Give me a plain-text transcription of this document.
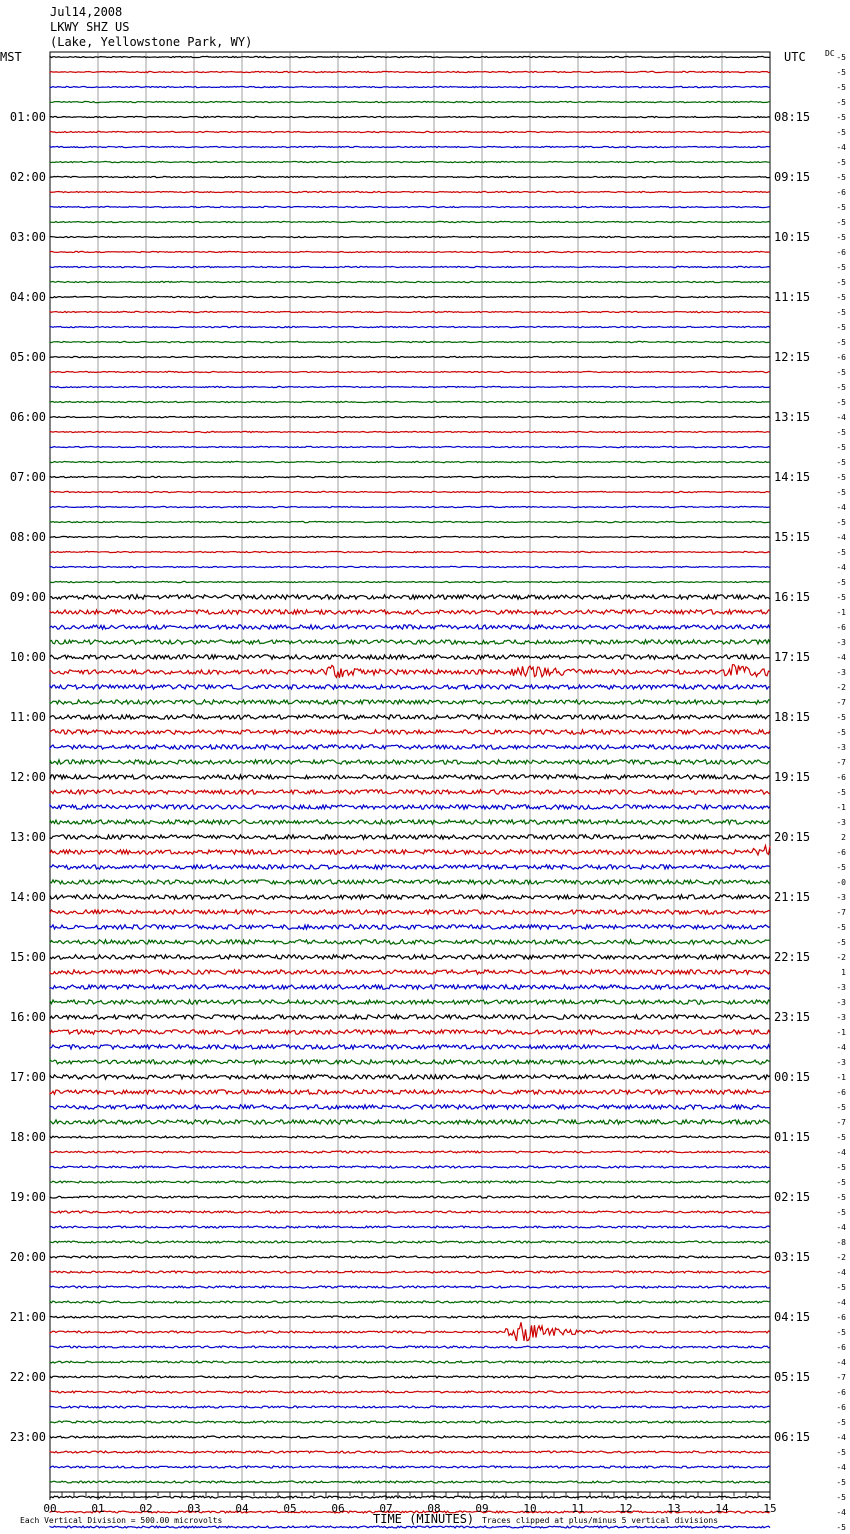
Jul14,2008
LKWY SHZ US
(Lake, Yellowstone Park, WY)
MST	UTC DC
01:00
02:00
03:00
04:00
05:00
06:00
07:00
08:00
09:00
10:00
11:00
12:00
13:00
14:00
15:00
16:00
17:00
18:00
19:00
20:00
21:00
22:00
23:00
08:15
09:15
10:15
11:15
12:15
13:15
14:15
15:15
16:15
17:15
18:15
19:15
20:15
21:15
22:15
23:15
00:15
01:15
02:15
03:15
04:15
05:15
06:15
-5
-5
-5
-5
-5
-5
-4
-5
-5
-6
-5
-5
-5
-6
-5
-5
-5
-5
-5
-5
-6
-5
-5
-5
-4
-5
-5
-5
-5
-5
-4
-5
-4
-5
-4
-5
-5
-1
-6
-3
-4
-3
-2
-7
-5
-5
-3
-7
-6
-5
-1
-3
2
-6
-5
-0
-3
-7
-5
-5
-2
1
-3
-3
-3
-1
-4
-3
-1
-6
-5
-7
-5
-4
-5
-5
-5
-5
-4
-8
-2
-4
-5
-4
-6
-5
-6
-4
-7
-6
-6
-5
-4
-5
-4
-5
-5
-4
-5
00	01	02	03	04	05	06	07	08	09	10	11	12	13	14	15
Each Vertical Division = 500.00 microvolts	TIME (MINUTES) Traces clipped at plus/minus 5 vertical divisions
